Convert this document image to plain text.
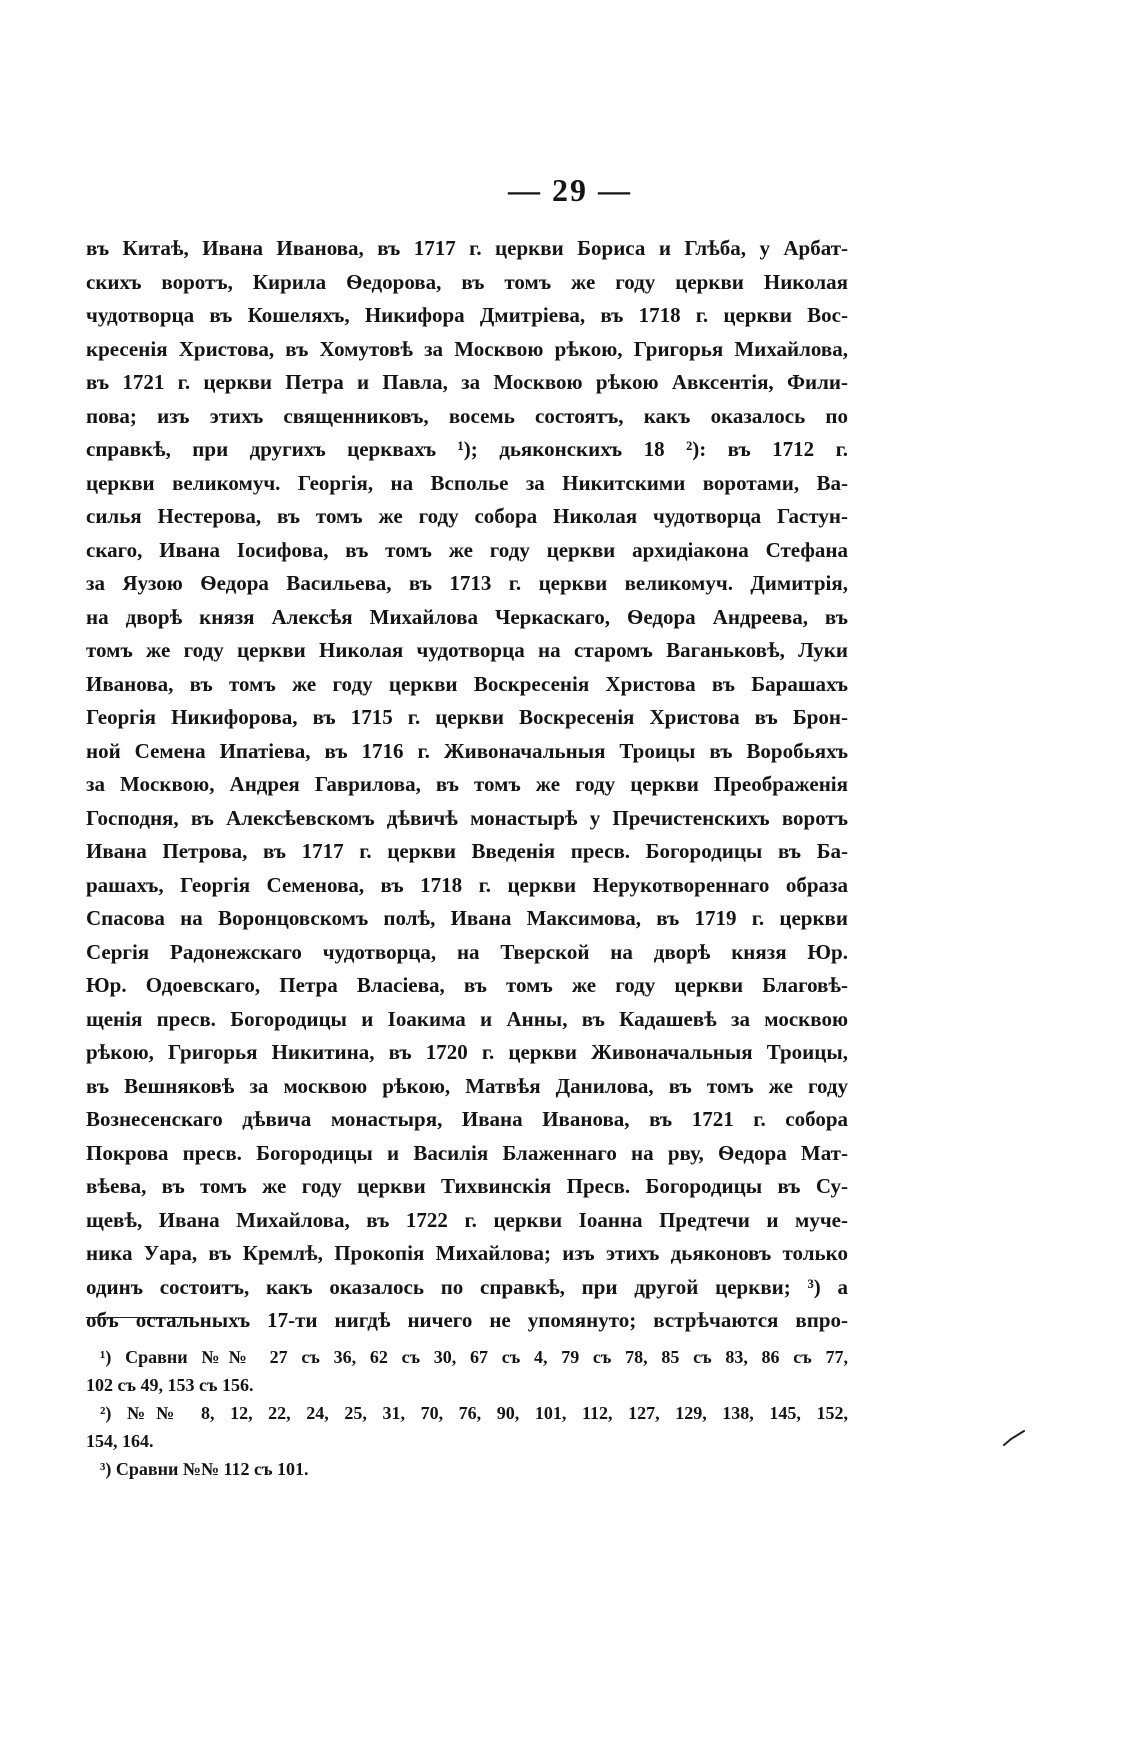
— 29 —
въ Китаѣ, Ивана Иванова, въ 1717 г. церкви Бориса и Глѣба, у Арбат-
скихъ воротъ, Кирила Ѳедорова, въ томъ же году церкви Николая
чудотворца въ Кошеляхъ, Никифора Дмитріева, въ 1718 г. церкви Вос-
кресенія Христова, въ Хомутовѣ за Москвою рѣкою, Григорья Михайлова,
въ 1721 г. церкви Петра и Павла, за Москвою рѣкою Авксентія, Фили-
пова; изъ этихъ священниковъ, восемь состоятъ, какъ оказалось по
справкѣ, при другихъ церквахъ ¹); дьяконскихъ 18 ²): въ 1712 г.
церкви великомуч. Георгія, на Всполье за Никитскими воротами, Ва-
силья Нестерова, въ томъ же году собора Николая чудотворца Гастун-
скаго, Ивана Іосифова, въ томъ же году церкви архидіакона Стефана
за Яузою Ѳедора Васильева, въ 1713 г. церкви великомуч. Димитрія,
на дворѣ князя Алексѣя Михайлова Черкаскаго, Ѳедора Андреева, въ
томъ же году церкви Николая чудотворца на старомъ Ваганьковѣ, Луки
Иванова, въ томъ же году церкви Воскресенія Христова въ Барашахъ
Георгія Никифорова, въ 1715 г. церкви Воскресенія Христова въ Брон-
ной Семена Ипатіева, въ 1716 г. Живоначальныя Троицы въ Воробьяхъ
за Москвою, Андрея Гаврилова, въ томъ же году церкви Преображенія
Господня, въ Алексѣевскомъ дѣвичѣ монастырѣ у Пречистенскихъ воротъ
Ивана Петрова, въ 1717 г. церкви Введенія пресв. Богородицы въ Ба-
рашахъ, Георгія Семенова, въ 1718 г. церкви Нерукотвореннаго образа
Спасова на Воронцовскомъ полѣ, Ивана Максимова, въ 1719 г. церкви
Сергія Радонежскаго чудотворца, на Тверской на дворѣ князя Юр.
Юр. Одоевскаго, Петра Власіева, въ томъ же году церкви Благовѣ-
щенія пресв. Богородицы и Іоакима и Анны, въ Кадашевѣ за москвою
рѣкою, Григорья Никитина, въ 1720 г. церкви Живоначальныя Троицы,
въ Вешняковѣ за москвою рѣкою, Матвѣя Данилова, въ томъ же году
Вознесенскаго дѣвича монастыря, Ивана Иванова, въ 1721 г. собора
Покрова пресв. Богородицы и Василія Блаженнаго на рву, Ѳедора Мат-
вѣева, въ томъ же году церкви Тихвинскія Пресв. Богородицы въ Су-
щевѣ, Ивана Михайлова, въ 1722 г. церкви Іоанна Предтечи и муче-
ника Уара, въ Кремлѣ, Прокопія Михайлова; изъ этихъ дьяконовъ только
одинъ состоитъ, какъ оказалось по справкѣ, при другой церкви; ³) а
объ остальныхъ 17-ти нигдѣ ничего не упомянуто; встрѣчаются впро-
¹) Сравни №№ 27 съ 36, 62 съ 30, 67 съ 4, 79 съ 78, 85 съ 83, 86 съ 77,
102 съ 49, 153 съ 156.
²) №№ 8, 12, 22, 24, 25, 31, 70, 76, 90, 101, 112, 127, 129, 138, 145, 152,
154, 164.
³) Сравни №№ 112 съ 101.
